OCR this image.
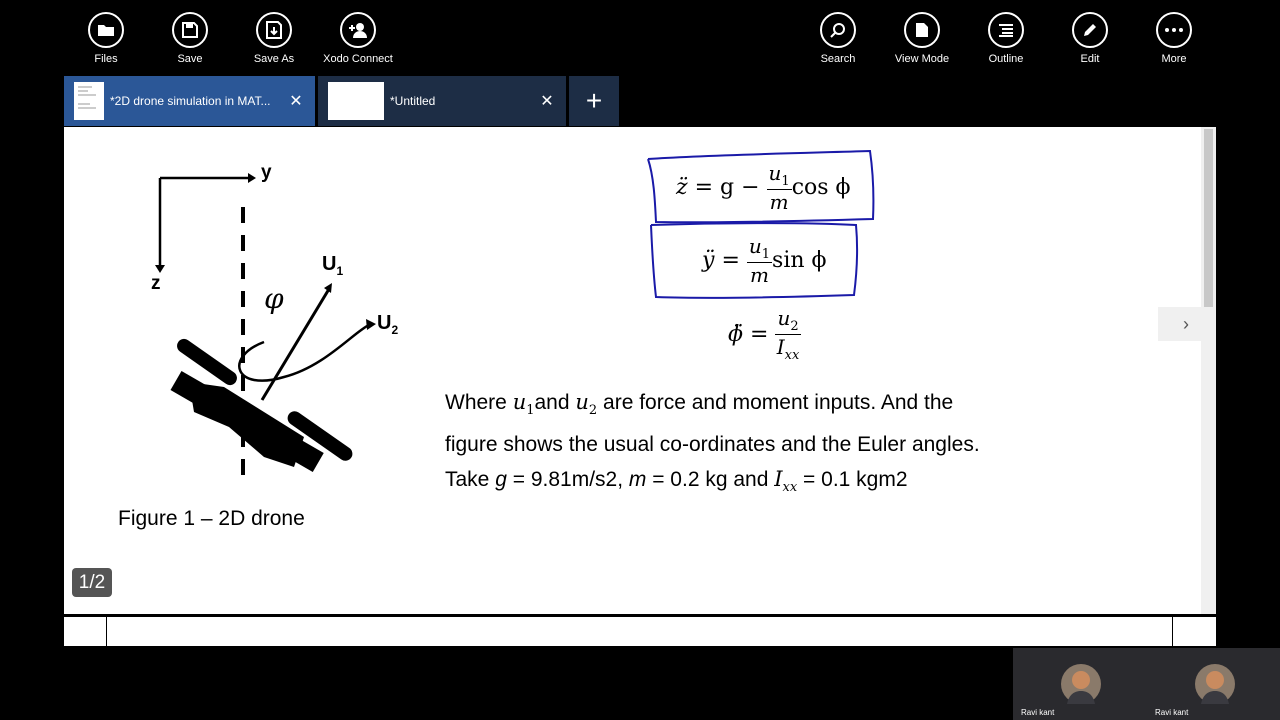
Files	Save	Save As	Xodo Connect	Search	View Mode	Outline	Edit	More
*2D drone simulation in MAT...	✕	*Untitled	✕ +
y
z
$U_1$
$U_2$
φ
Figure 1 – 2D drone
z̈
= g −
$\frac{u_1}{m}$ cos ϕ
ÿ
=
$\frac{u_1}{m}$ sin ϕ
ϕ̈
=

$u_2$
$I_{xx}$
Where $u_1and$ $u_2$ are force and moment inputs. And the
figure shows the usual co-ordinates and the Euler angles.
Take g = 9.81m/s2, m = 0.2 kg and $I_{xx} = 0.1$ kgm2
›
1/2
Ravi kant	Ravi kant
